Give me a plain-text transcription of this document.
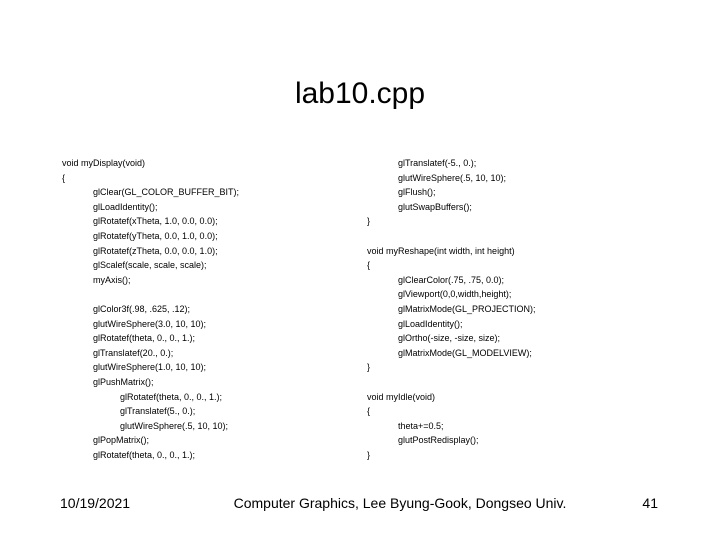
lab10.cpp
void myDisplay(void)
{
glClear(GL_COLOR_BUFFER_BIT);
glLoadIdentity();
glRotatef(xTheta, 1.0, 0.0, 0.0);
glRotatef(yTheta, 0.0, 1.0, 0.0);
glRotatef(zTheta, 0.0, 0.0, 1.0);
glScalef(scale, scale, scale);
myAxis();
glColor3f(.98, .625, .12);
glutWireSphere(3.0, 10, 10);
glRotatef(theta, 0., 0., 1.);
glTranslatef(20., 0.);
glutWireSphere(1.0, 10, 10);
glPushMatrix();
glRotatef(theta, 0., 0., 1.);
glTranslatef(5., 0.);
glutWireSphere(.5, 10, 10);
glPopMatrix();
glRotatef(theta, 0., 0., 1.);
glTranslatef(-5., 0.);
glutWireSphere(.5, 10, 10);
glFlush();
glutSwapBuffers();
}
void myReshape(int width, int height)
{
glClearColor(.75, .75, 0.0);
glViewport(0,0,width,height);
glMatrixMode(GL_PROJECTION);
glLoadIdentity();
glOrtho(-size, -size, size);
glMatrixMode(GL_MODELVIEW);
}
void myIdle(void)
{
theta+=0.5;
glutPostRedisplay();
}
10/19/2021	Computer Graphics, Lee Byung-Gook, Dongseo Univ.	41
